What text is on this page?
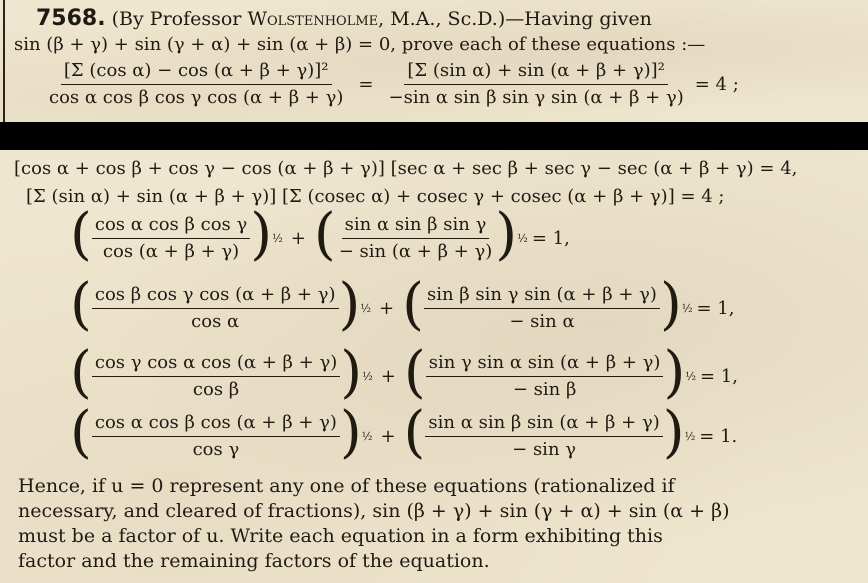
7568. (By Professor Wolstenholme, M.A., Sc.D.)—Having given
sin (β + γ) + sin (γ + α) + sin (α + β) = 0, prove each of these equations :—
$\frac{\text{[Σ (cos α) − cos (α + β + γ)]²}}{\text{cos α cos β cos γ cos (α + β + γ)}} = \frac{\text{[Σ (sin α) + sin (α + β + γ)]²}}{\text{−sin α sin β sin γ sin (α + β + γ)}} = 4$ ;
[cos α + cos β + cos γ − cos (α + β + γ)] [sec α + sec β + sec γ − sec (α + β + γ) = 4,
[Σ (sin α) + sin (α + β + γ)] [Σ (cosec α) + cosec γ + cosec (α + β + γ)] = 4 ;
( $\frac{\text{cos α cos β cos γ}}{\cos (\alpha + \beta + \gamma)}$ ) ½ + ( $\frac{\text{sin α sin β sin γ}}{- \sin (\alpha + \beta + \gamma)}$ ) ½ = 1,
( $\frac{\text{cos β cos γ cos (α + β + γ)}}{\text{cos α}}$ ) ½ + ( $\frac{\text{sin β sin γ sin (α + β + γ)}}{\text{− sin α}}$ ) ½ = 1,
( $\frac{\text{cos γ cos α cos (α + β + γ)}}{\text{cos β}}$ ) ½ + ( $\frac{\text{sin γ sin α sin (α + β + γ)}}{\text{− sin β}}$ ) ½ = 1,
( $\frac{\text{cos α cos β cos (α + β + γ)}}{\text{cos γ}}$ ) ½ + ( $\frac{\text{sin α sin β sin (α + β + γ)}}{\text{− sin γ}}$ ) ½ = 1.
Hence, if u = 0 represent any one of these equations (rationalized if
necessary, and cleared of fractions), sin (β + γ) + sin (γ + α) + sin (α + β)
must be a factor of u. Write each equation in a form exhibiting this
factor and the remaining factors of the equation.
